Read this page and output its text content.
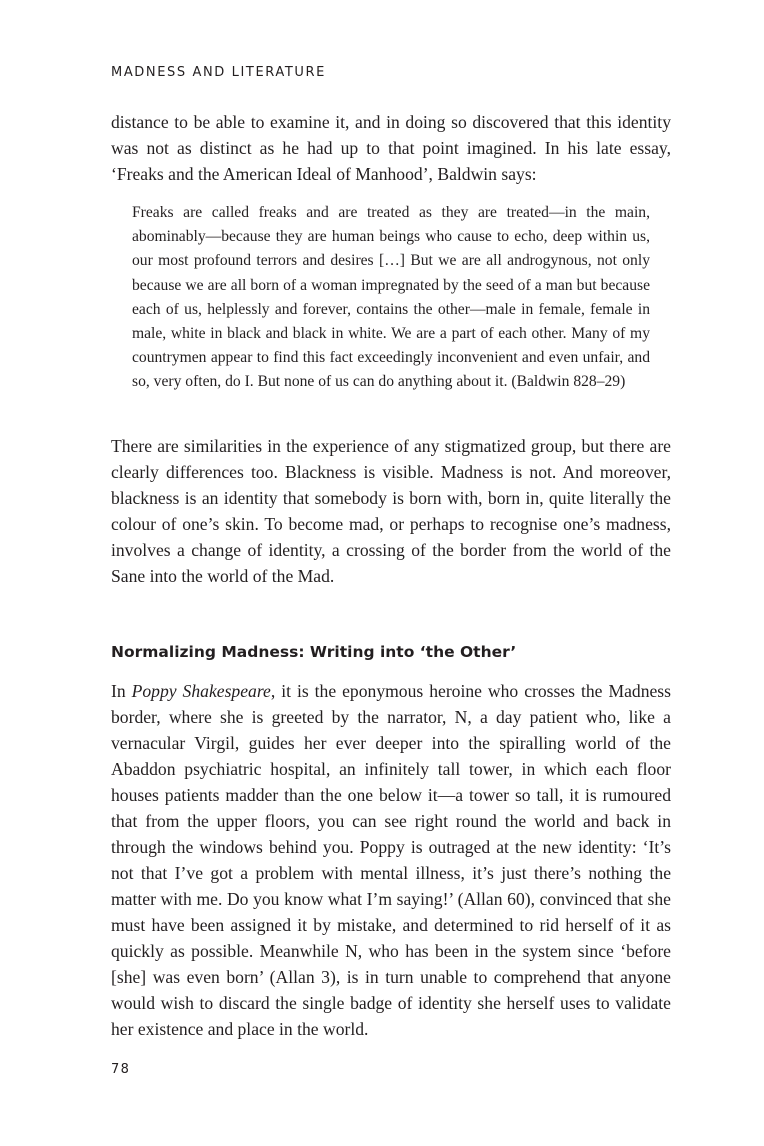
MADNESS AND LITERATURE

distance to be able to examine it, and in doing so discovered that this identity was not as distinct as he had up to that point imagined. In his late essay, ‘Freaks and the American Ideal of Manhood’, Baldwin says:

Freaks are called freaks and are treated as they are treated—in the main, abominably—because they are human beings who cause to echo, deep within us, our most profound terrors and desires […] But we are all androgynous, not only because we are all born of a woman impregnated by the seed of a man but because each of us, helplessly and forever, contains the other—male in female, female in male, white in black and black in white. We are a part of each other. Many of my countrymen appear to find this fact exceedingly inconvenient and even unfair, and so, very often, do I. But none of us can do anything about it. (Baldwin 828–29)

There are similarities in the experience of any stigmatized group, but there are clearly differences too. Blackness is visible. Madness is not. And moreover, blackness is an identity that somebody is born with, born in, quite literally the colour of one’s skin. To become mad, or perhaps to recognise one’s madness, involves a change of identity, a crossing of the border from the world of the Sane into the world of the Mad.

Normalizing Madness: Writing into ‘the Other’

In Poppy Shakespeare, it is the eponymous heroine who crosses the Madness border, where she is greeted by the narrator, N, a day patient who, like a vernacular Virgil, guides her ever deeper into the spiralling world of the Abaddon psychiatric hospital, an infinitely tall tower, in which each floor houses patients madder than the one below it—a tower so tall, it is rumoured that from the upper floors, you can see right round the world and back in through the windows behind you. Poppy is outraged at the new identity: ‘It’s not that I’ve got a problem with mental illness, it’s just there’s nothing the matter with me. Do you know what I’m saying!’ (Allan 60), convinced that she must have been assigned it by mistake, and determined to rid herself of it as quickly as possible. Meanwhile N, who has been in the system since ‘before [she] was even born’ (Allan 3), is in turn unable to comprehend that anyone would wish to discard the single badge of identity she herself uses to validate her existence and place in the world.

78
